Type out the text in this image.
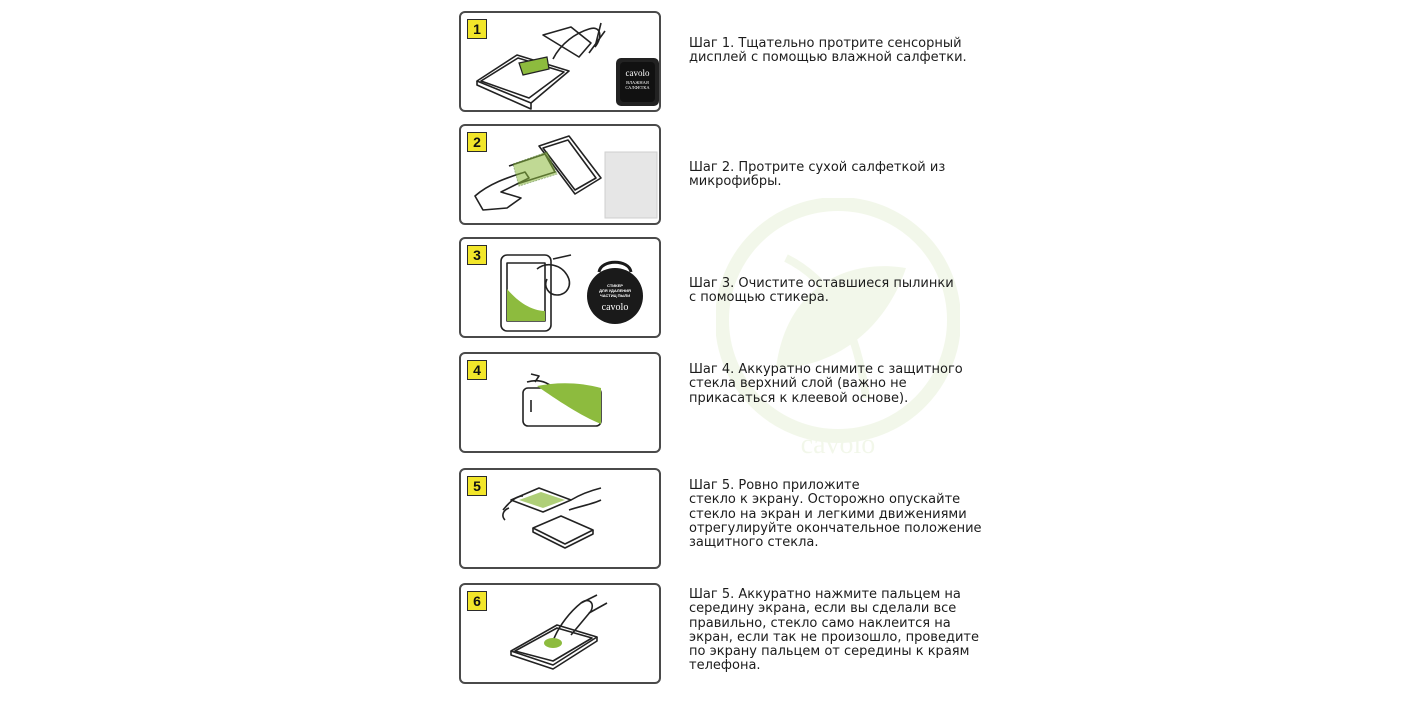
cavolo
1
cavolo
ВЛАЖНАЯ
САЛФЕТКА

Шаг 1. Тщательно протрите сенсорный
дисплей с помощью влажной салфетки.

2

Шаг 2. Протрите сухой салфеткой из
микрофибры.

3
СТИКЕР
ДЛЯ УДАЛЕНИЯ
ЧАСТИЦ ПЫЛИ
cavolo

Шаг 3. Очистите оставшиеся пылинки
с помощью стикера.

4	Шаг 4. Аккуратно снимите с защитного
стекла верхний слой (важно не
прикасаться к клеевой основе).

5	Шаг 5. Ровно приложите
стекло к экрану. Осторожно опускайте
стекло на экран и легкими движениями
отрегулируйте окончательное положение
защитного стекла.

6	Шаг 5. Аккуратно нажмите пальцем на
середину экрана, если вы сделали все
правильно, стекло само наклеится на
экран, если так не произошло, проведите
по экрану пальцем от середины к краям
телефона.
